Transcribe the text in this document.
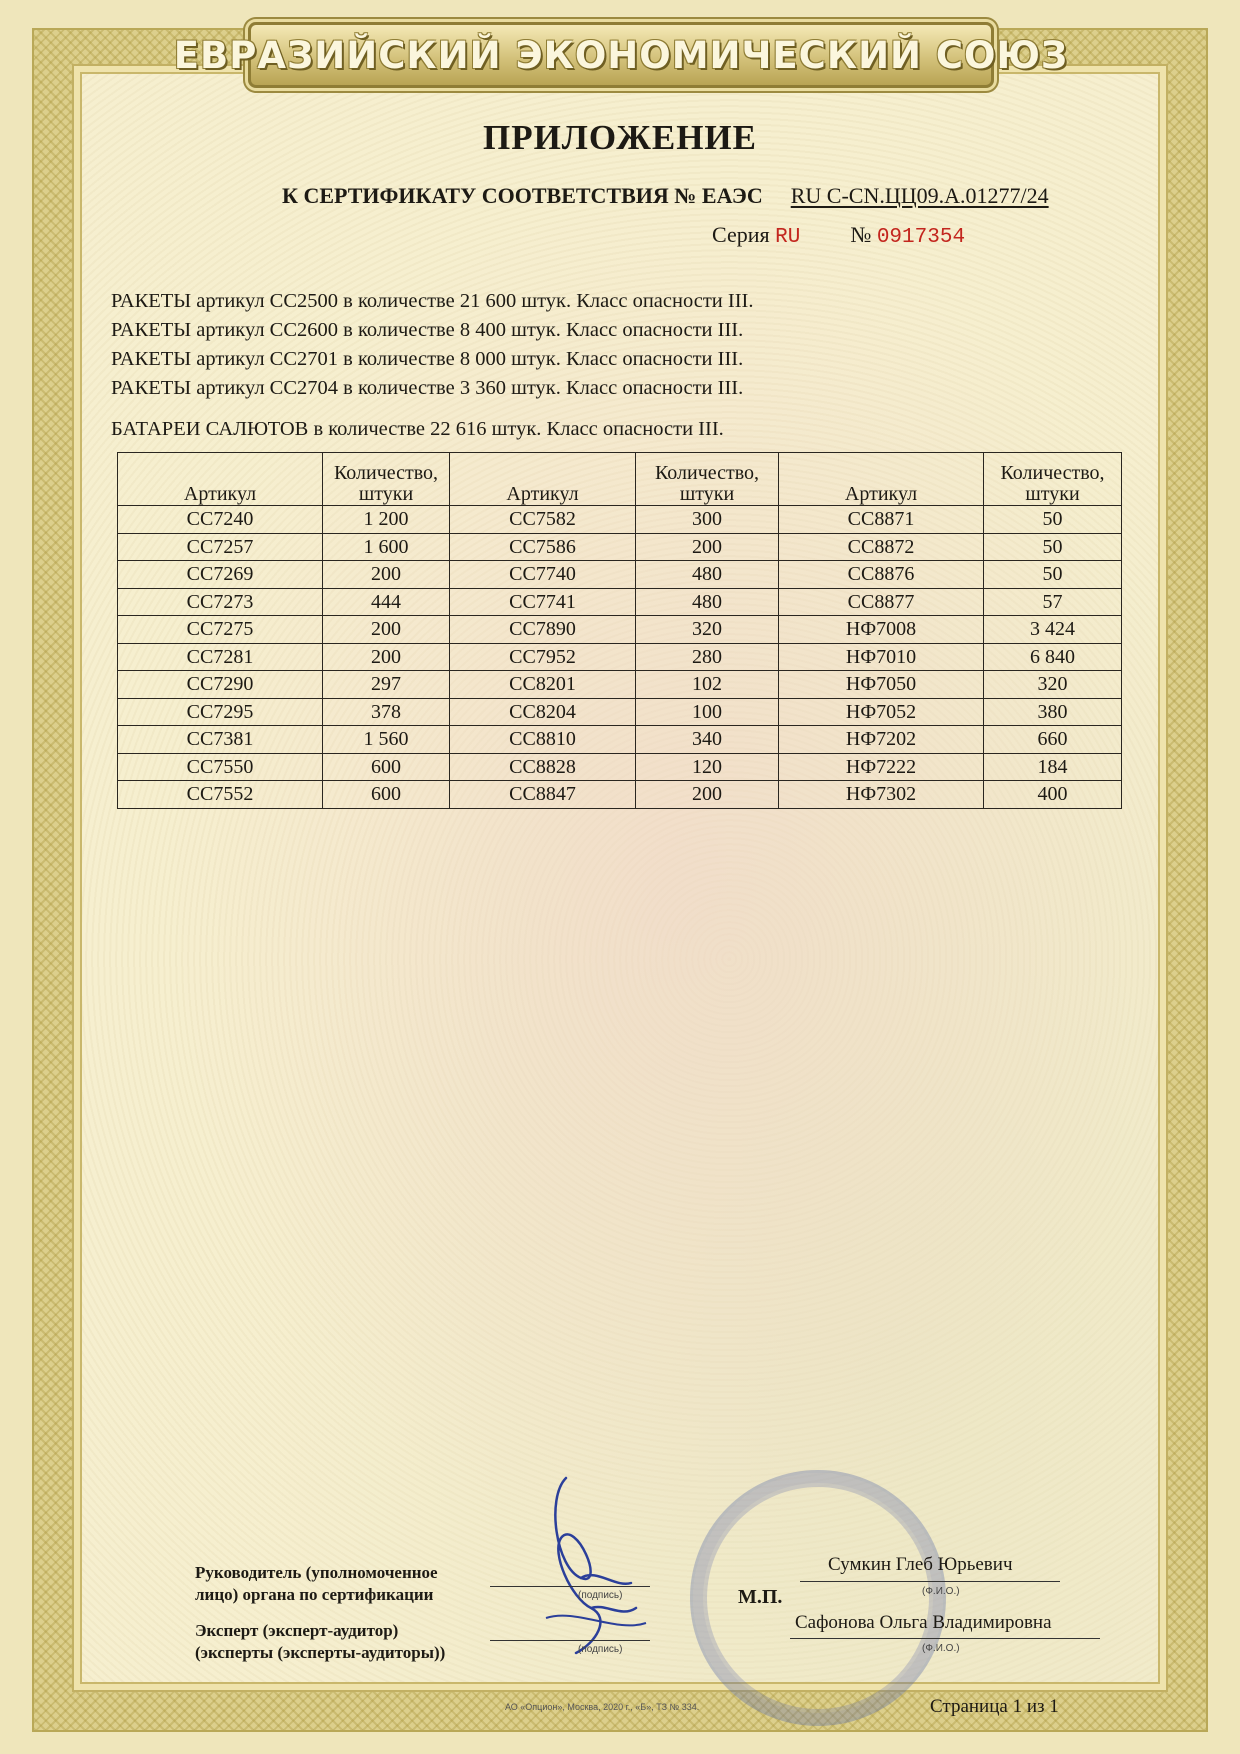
ЕВРАЗИЙСКИЙ ЭКОНОМИЧЕСКИЙ СОЮЗ
ПРИЛОЖЕНИЕ
К СЕРТИФИКАТУ СООТВЕТСТВИЯ № ЕАЭС RU С-CN.ЦЦ09.А.01277/24
Серия RU № 0917354
РАКЕТЫ артикул СС2500 в количестве 21 600 штук. Класс опасности III.
РАКЕТЫ артикул СС2600 в количестве 8 400 штук. Класс опасности III.
РАКЕТЫ артикул СС2701 в количестве 8 000 штук. Класс опасности III.
РАКЕТЫ артикул СС2704 в количестве 3 360 штук. Класс опасности III.
БАТАРЕИ САЛЮТОВ в количестве 22 616 штук. Класс опасности III.
Артикул	Количество, штуки	Артикул	Количество, штуки	Артикул	Количество, штуки
СС7240	1 200	СС7582	300	СС8871	50
СС7257	1 600	СС7586	200	СС8872	50
СС7269	200	СС7740	480	СС8876	50
СС7273	444	СС7741	480	СС8877	57
СС7275	200	СС7890	320	НФ7008	3 424
СС7281	200	СС7952	280	НФ7010	6 840
СС7290	297	СС8201	102	НФ7050	320
СС7295	378	СС8204	100	НФ7052	380
СС7381	1 560	СС8810	340	НФ7202	660
СС7550	600	СС8828	120	НФ7222	184
СС7552	600	СС8847	200	НФ7302	400
Руководитель (уполномоченное
лицо) органа по сертификации	(подпись)
Сумкин Глеб Юрьевич
(Ф.И.О.)
М.П.
Эксперт (эксперт-аудитор)
(эксперты (эксперты-аудиторы))	(подпись)
Сафонова Ольга Владимировна
(Ф.И.О.)
АО «Опцион», Москва, 2020 г., «Б», ТЗ № 334.	Страница 1 из 1
